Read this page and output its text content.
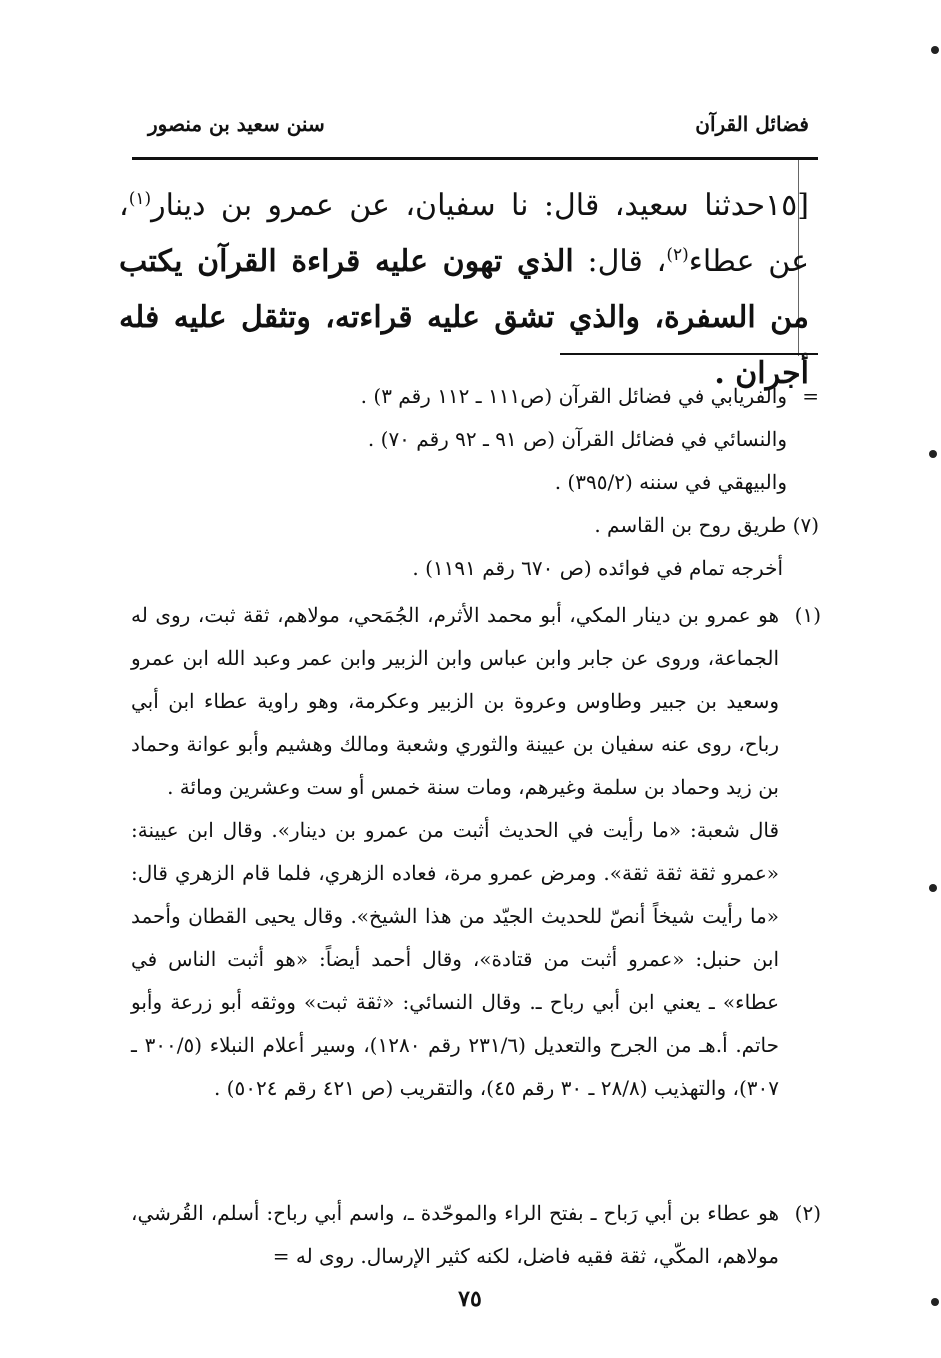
فضائل القرآن
سنن سعيد بن منصور
[١٥حدثنا سعيد، قال: نا سفيان، عن عمرو بن دينار$^{(١)}$، عن عطاء$^{(٢)}$، قال: الذي تهون عليه قراءة القرآن يكتب من السفرة، والذي تشق عليه قراءته، وتثقل عليه فله أجران .
=

والفريابي في فضائل القرآن (ص١١١ ـ ١١٢ رقم ٣) .

والنسائي في فضائل القرآن (ص ٩١ ـ ٩٢ رقم ٧٠) .

والبيهقي في سننه (٣٩٥/٢) .

(٧) طريق روح بن القاسم .

أخرجه تمام في فوائده (ص ٦٧٠ رقم ١١٩١) .

(١)

هو عمرو بن دينار المكي، أبو محمد الأثرم، الجُمَحي، مولاهم، ثقة ثبت، روى له الجماعة، وروى عن جابر وابن عباس وابن الزبير وابن عمر وعبد الله ابن عمرو وسعيد بن جبير وطاوس وعروة بن الزبير وعكرمة، وهو راوية عطاء ابن أبي رباح، روى عنه سفيان بن عيينة والثوري وشعبة ومالك وهشيم وأبو عوانة وحماد بن زيد وحماد بن سلمة وغيرهم، ومات سنة خمس أو ست وعشرين ومائة .

قال شعبة: «ما رأيت في الحديث أثبت من عمرو بن دينار». وقال ابن عيينة: «عمرو ثقة ثقة ثقة». ومرض عمرو مرة، فعاده الزهري، فلما قام الزهري قال: «ما رأيت شيخاً أنصّ للحديث الجيّد من هذا الشيخ». وقال يحيى القطان وأحمد ابن حنبل: «عمرو أثبت من قتادة»، وقال أحمد أيضاً: «هو أثبت الناس في عطاء» ـ يعني ابن أبي رباح ـ. وقال النسائي: «ثقة ثبت» ووثقه أبو زرعة وأبو حاتم. أ.هـ من الجرح والتعديل (٢٣١/٦ رقم ١٢٨٠)، وسير أعلام النبلاء (٣٠٠/٥ ـ ٣٠٧)، والتهذيب (٢٨/٨ ـ ٣٠ رقم ٤٥)، والتقريب (ص ٤٢١ رقم ٥٠٢٤) .

(٢)

هو عطاء بن أبي رَباح ـ بفتح الراء والموحّدة ـ، واسم أبي رباح: أسلم، القُرشي، مولاهم، المكّي، ثقة فقيه فاضل، لكنه كثير الإرسال. روى له =

٧٥
